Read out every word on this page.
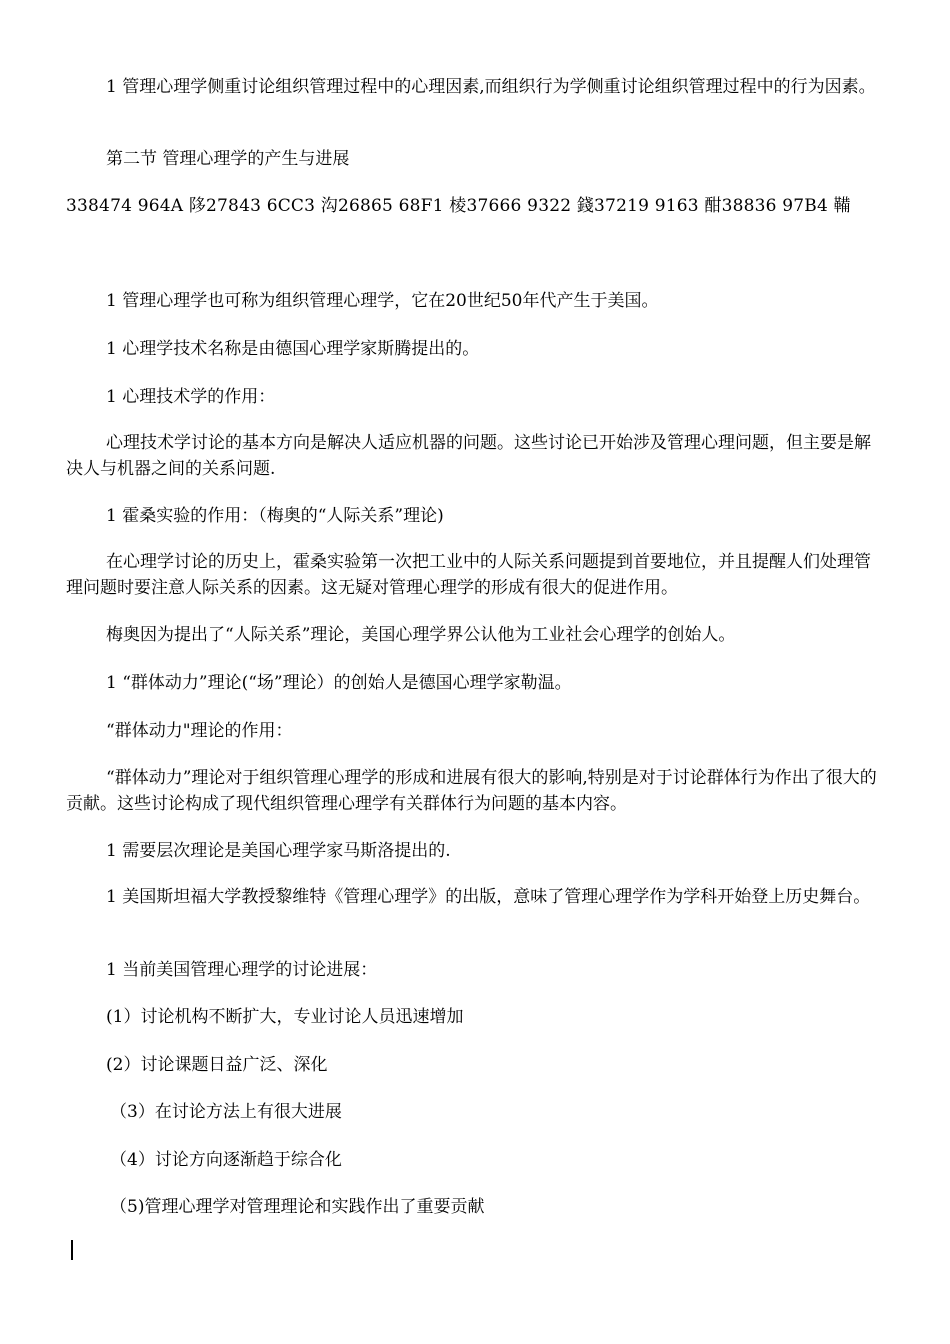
1 管理心理学侧重讨论组织管理过程中的心理因素,而组织行为学侧重讨论组织管理过程中的行为因素。

第二节 管理心理学的产生与进展

338474 964A 陊27843 6CC3 沟26865 68F1 棱37666 9322 錢37219 9163 酣38836 97B4 鞴

1 管理心理学也可称为组织管理心理学，它在20世纪50年代产生于美国。

1 心理学技术名称是由德国心理学家斯腾提出的。

1 心理技术学的作用：

心理技术学讨论的基本方向是解决人适应机器的问题。这些讨论已开始涉及管理心理问题，但主要是解决人与机器之间的关系问题.

1 霍桑实验的作用：（梅奥的“人际关系”理论)

在心理学讨论的历史上，霍桑实验第一次把工业中的人际关系问题提到首要地位，并且提醒人们处理管理问题时要注意人际关系的因素。这无疑对管理心理学的形成有很大的促进作用。

梅奥因为提出了“人际关系”理论，美国心理学界公认他为工业社会心理学的创始人。

1 “群体动力”理论(“场”理论）的创始人是德国心理学家勒温。

“群体动力"理论的作用：

“群体动力”理论对于组织管理心理学的形成和进展有很大的影响,特别是对于讨论群体行为作出了很大的贡献。这些讨论构成了现代组织管理心理学有关群体行为问题的基本内容。

1 需要层次理论是美国心理学家马斯洛提出的.

1 美国斯坦福大学教授黎维特《管理心理学》的出版，意味了管理心理学作为学科开始登上历史舞台。

1 当前美国管理心理学的讨论进展：

(1）讨论机构不断扩大，专业讨论人员迅速增加

(2）讨论课题日益广泛、深化

（3）在讨论方法上有很大进展

（4）讨论方向逐渐趋于综合化

（5)管理心理学对管理理论和实践作出了重要贡献
